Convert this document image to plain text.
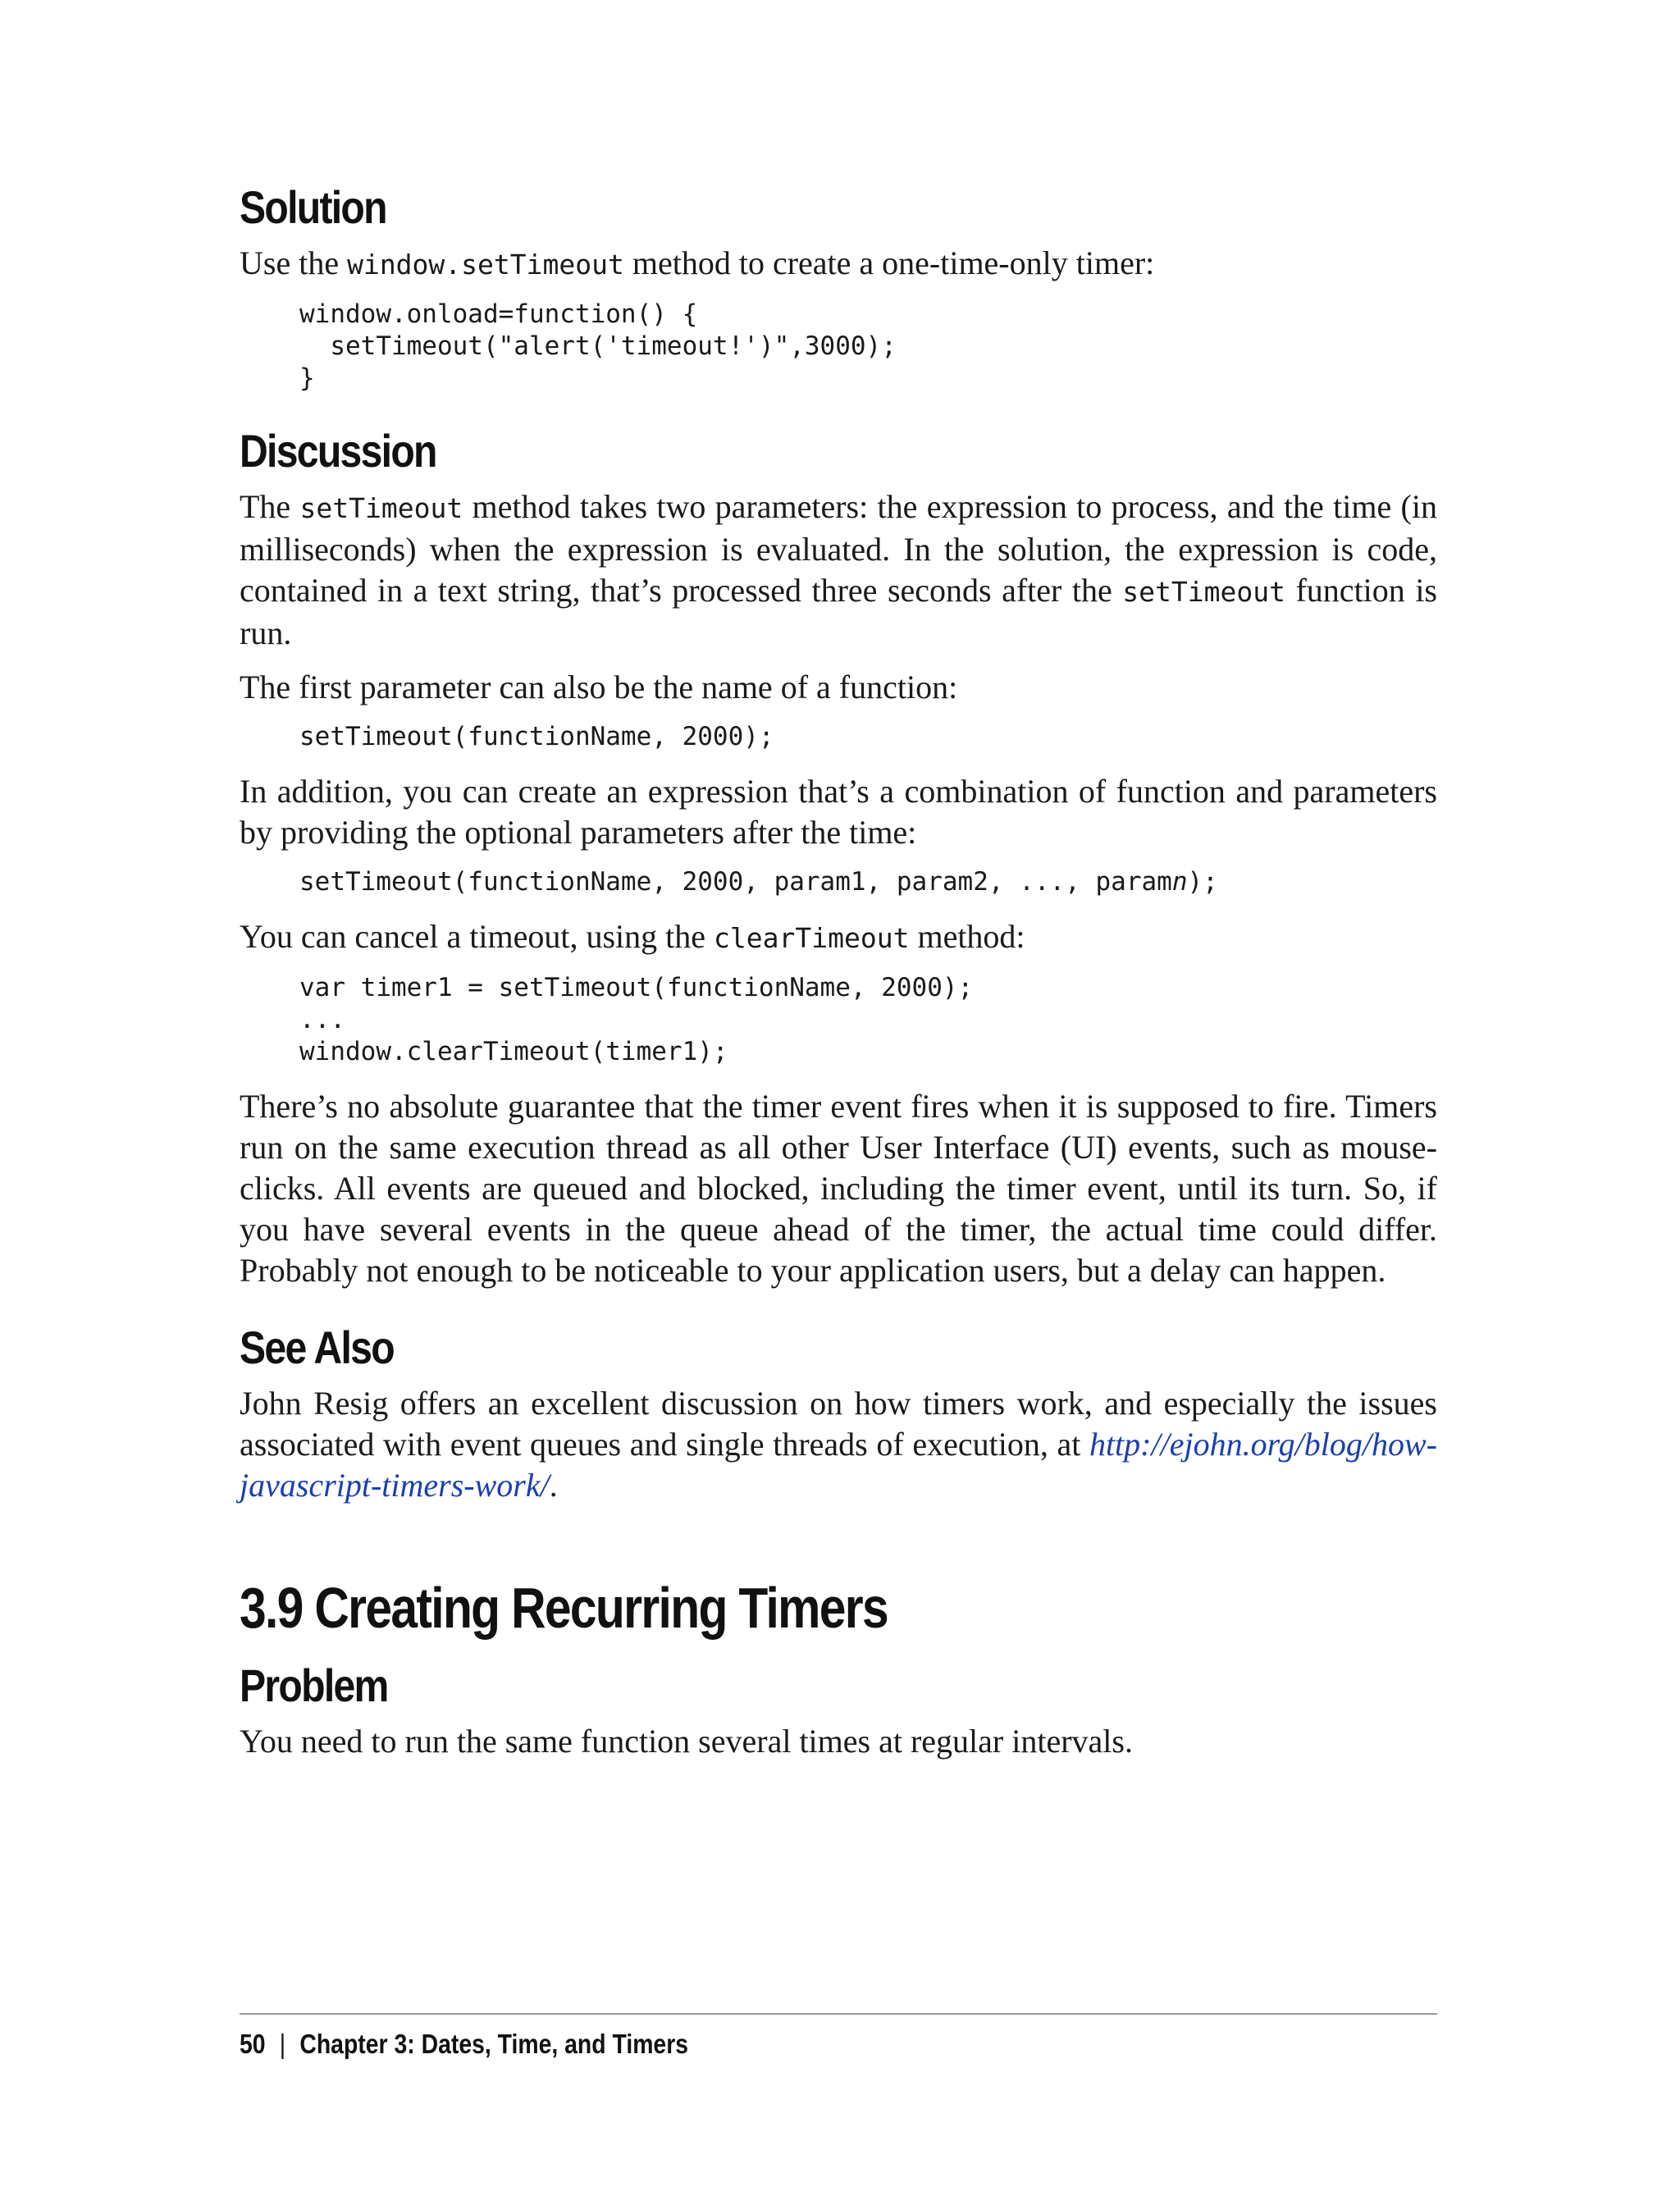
Solution

Use the window.setTimeout method to create a one-time-only timer:

window.onload=function() {
setTimeout("alert('timeout!')",3000);
}
Discussion

The setTimeout method takes two parameters: the expression to process, and the time (in milliseconds) when the expression is evaluated. In the solution, the expression is code, contained in a text string, that’s processed three seconds after the setTimeout function is run.

The first parameter can also be the name of a function:

setTimeout(functionName, 2000);

In addition, you can create an expression that’s a combination of function and parameters by providing the optional parameters after the time:

setTimeout(functionName, 2000, param1, param2, ..., paramn);

You can cancel a timeout, using the clearTimeout method:

var timer1 = setTimeout(functionName, 2000);
...
window.clearTimeout(timer1);

There’s no absolute guarantee that the timer event fires when it is supposed to fire. Timers run on the same execution thread as all other User Interface (UI) events, such as mouse-clicks. All events are queued and blocked, including the timer event, until its turn. So, if you have several events in the queue ahead of the timer, the actual time could differ. Probably not enough to be noticeable to your application users, but a delay can happen.

See Also

John Resig offers an excellent discussion on how timers work, and especially the issues associated with event queues and single threads of execution, at http://ejohn.org/blog/how-javascript-timers-work/.

3.9 Creating Recurring Timers
Problem

You need to run the same function several times at regular intervals.

50 | Chapter 3: Dates, Time, and Timers
